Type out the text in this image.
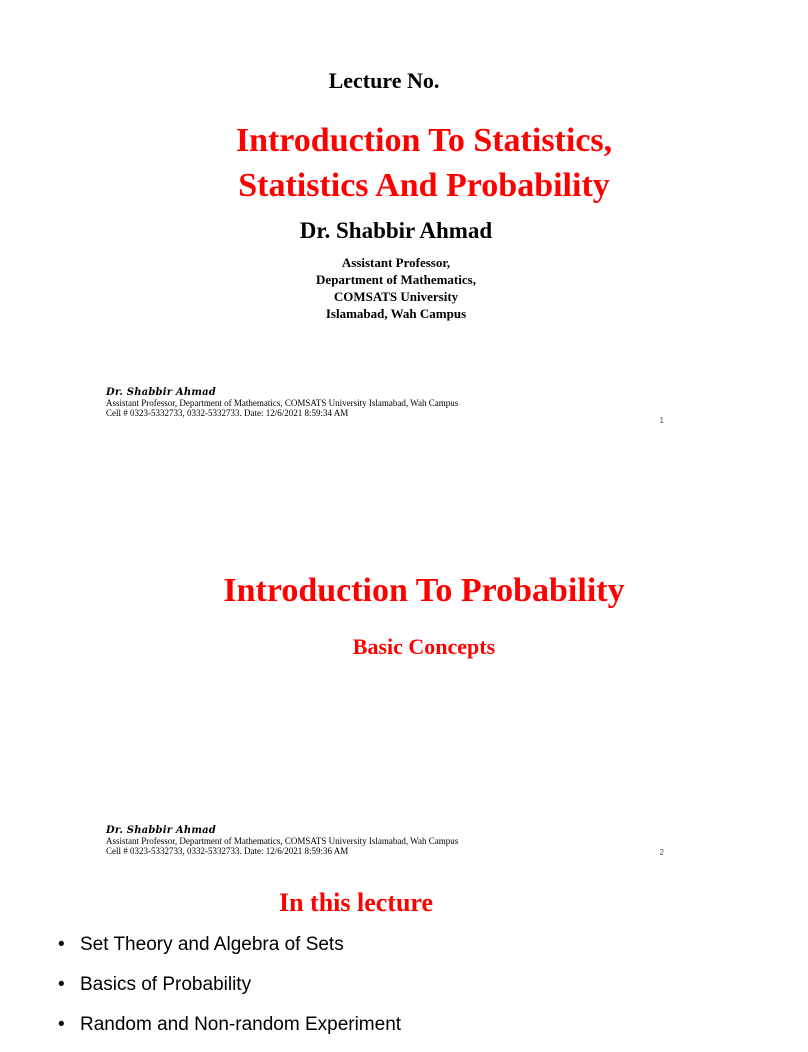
Lecture No.
Introduction To Statistics,
Statistics And Probability
Dr. Shabbir Ahmad
Assistant Professor,
Department of Mathematics,
COMSATS University
Islamabad, Wah Campus
Dr. Shabbir Ahmad
Assistant Professor, Department of Mathematics, COMSATS University Islamabad, Wah Campus
Cell # 0323-5332733, 0332-5332733. Date: 12/6/2021 8:59:34 AM
1
Introduction To Probability
Basic Concepts
Dr. Shabbir Ahmad
Assistant Professor, Department of Mathematics, COMSATS University Islamabad, Wah Campus
Cell # 0323-5332733, 0332-5332733. Date: 12/6/2021 8:59:36 AM	2
In this lecture
• Set Theory and Algebra of Sets
• Basics of Probability
• Random and Non-random Experiment
